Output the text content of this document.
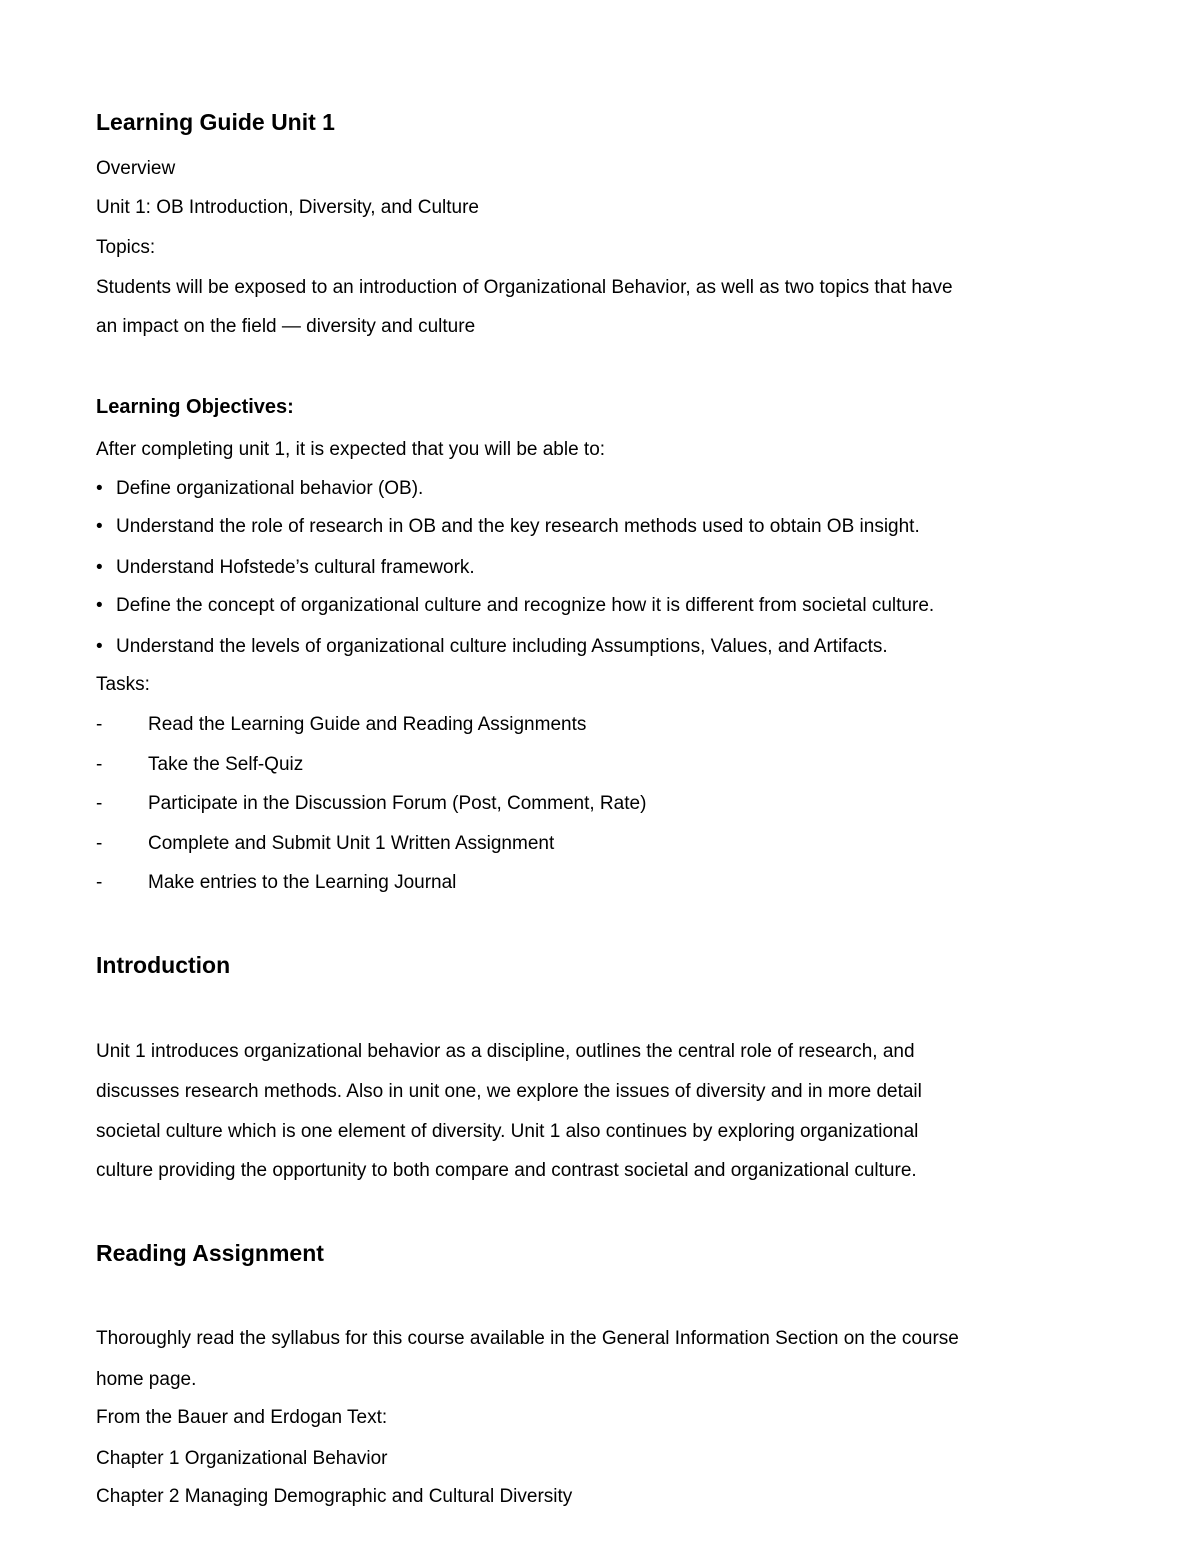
Learning Guide Unit 1
Overview
Unit 1: OB Introduction, Diversity, and Culture
Topics:
Students will be exposed to an introduction of Organizational Behavior, as well as two topics that have
an impact on the field — diversity and culture
Learning Objectives:
After completing unit 1, it is expected that you will be able to:
• Define organizational behavior (OB).
• Understand the role of research in OB and the key research methods used to obtain OB insight.
• Understand Hofstede’s cultural framework.
• Define the concept of organizational culture and recognize how it is different from societal culture.
• Understand the levels of organizational culture including Assumptions, Values, and Artifacts.
Tasks:
- Read the Learning Guide and Reading Assignments
- Take the Self-Quiz
- Participate in the Discussion Forum (Post, Comment, Rate)
- Complete and Submit Unit 1 Written Assignment
- Make entries to the Learning Journal
Introduction
Unit 1 introduces organizational behavior as a discipline, outlines the central role of research, and
discusses research methods. Also in unit one, we explore the issues of diversity and in more detail
societal culture which is one element of diversity. Unit 1 also continues by exploring organizational
culture providing the opportunity to both compare and contrast societal and organizational culture.
Reading Assignment
Thoroughly read the syllabus for this course available in the General Information Section on the course
home page.
From the Bauer and Erdogan Text:
Chapter 1 Organizational Behavior
Chapter 2 Managing Demographic and Cultural Diversity
